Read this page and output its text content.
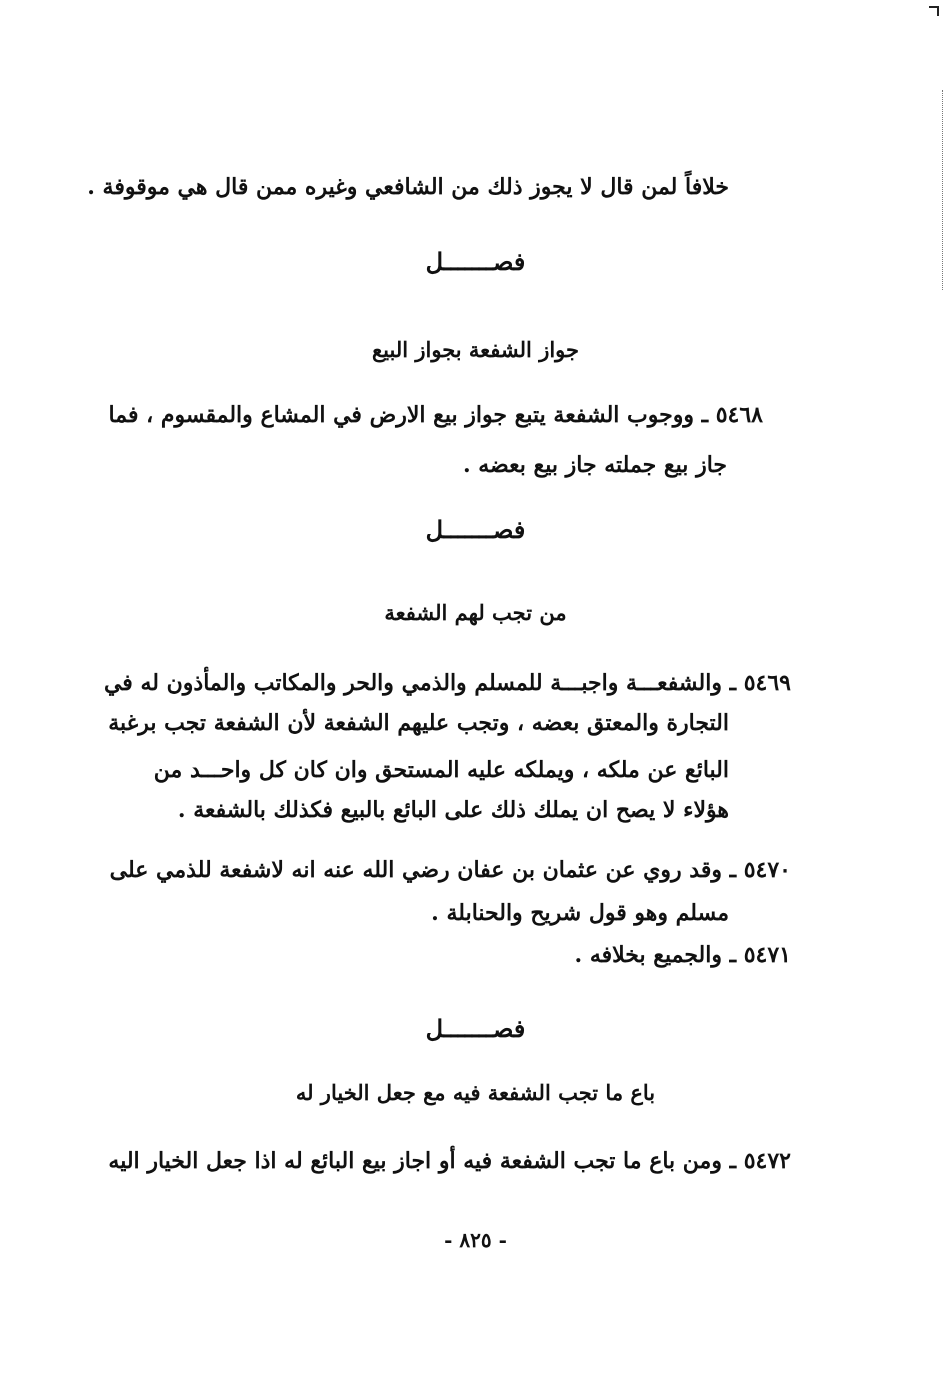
خلافاً لمن قال لا يجوز ذلك من الشافعي وغيره ممن قال هي موقوفة .
فصـــــــل
جواز الشفعة بجواز البيع
٥٤٦٨ ـ ووجوب الشفعة يتبع جواز بيع الارض في المشاع والمقسوم ، فما
جاز بيع جملته جاز بيع بعضه .
فصـــــــل
من تجب لهم الشفعة
٥٤٦٩ ـ والشفعـــة واجبـــة للمسلم والذمي والحر والمكاتب والمأذون له في
التجارة والمعتق بعضه ، وتجب عليهم الشفعة لأن الشفعة تجب برغبة
البائع عن ملكه ، ويملكه عليه المستحق وان كان كل واحـــد من
هؤلاء لا يصح ان يملك ذلك على البائع بالبيع فكذلك بالشفعة .
٥٤٧٠ ـ وقد روي عن عثمان بن عفان رضي الله عنه انه لاشفعة للذمي على
مسلم وهو قول شريح والحنابلة .
٥٤٧١ ـ والجميع بخلافه .
فصـــــــل
باع ما تجب الشفعة فيه مع جعل الخيار له
٥٤٧٢ ـ ومن باع ما تجب الشفعة فيه أو اجاز بيع البائع له اذا جعل الخيار اليه
- ٨٢٥ -
